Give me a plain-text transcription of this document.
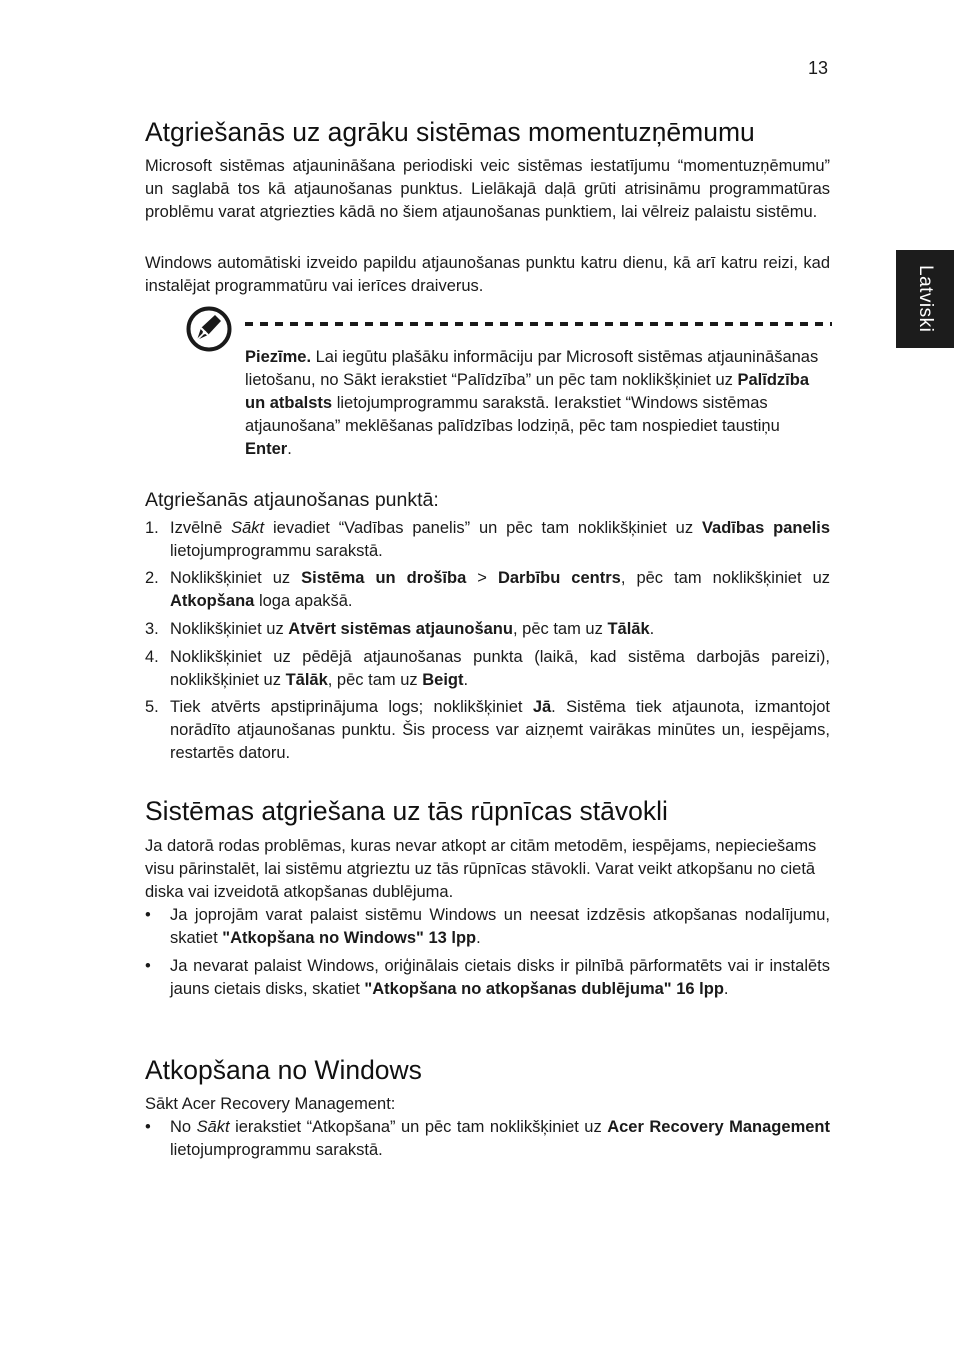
13
Latviski
Atgriešanās uz agrāku sistēmas momentuzņēmumu

Microsoft sistēmas atjaunināšana periodiski veic sistēmas iestatījumu “momentuzņēmumu” un saglabā tos kā atjaunošanas punktus. Lielākajā daļā grūti atrisināmu programmatūras problēmu varat atgriezties kādā no šiem atjaunošanas punktiem, lai vēlreiz palaistu sistēmu.

Windows automātiski izveido papildu atjaunošanas punktu katru dienu, kā arī katru reizi, kad instalējat programmatūru vai ierīces draiverus.

Piezīme. Lai iegūtu plašāku informāciju par Microsoft sistēmas atjaunināšanas lietošanu, no Sākt ierakstiet “Palīdzība” un pēc tam noklikšķiniet uz Palīdzība un atbalsts lietojumprogrammu sarakstā. Ierakstiet “Windows sistēmas atjaunošana” meklēšanas palīdzības lodziņā, pēc tam nospiediet taustiņu Enter.

Atgriešanās atjaunošanas punktā:

1. Izvēlnē Sākt ievadiet “Vadības panelis” un pēc tam noklikšķiniet uz Vadības panelis lietojumprogrammu sarakstā.
2. Noklikšķiniet uz Sistēma un drošība > Darbību centrs, pēc tam noklikšķiniet uz Atkopšana loga apakšā.
3. Noklikšķiniet uz Atvērt sistēmas atjaunošanu, pēc tam uz Tālāk.
4. Noklikšķiniet uz pēdējā atjaunošanas punkta (laikā, kad sistēma darbojās pareizi), noklikšķiniet uz Tālāk, pēc tam uz Beigt.
5. Tiek atvērts apstiprinājuma logs; noklikšķiniet Jā. Sistēma tiek atjaunota, izmantojot norādīto atjaunošanas punktu. Šis process var aizņemt vairākas minūtes un, iespējams, restartēs datoru.
Sistēmas atgriešana uz tās rūpnīcas stāvokli

Ja datorā rodas problēmas, kuras nevar atkopt ar citām metodēm, iespējams, nepieciešams visu pārinstalēt, lai sistēmu atgrieztu uz tās rūpnīcas stāvokli. Varat veikt atkopšanu no cietā diska vai izveidotā atkopšanas dublējuma.

• Ja joprojām varat palaist sistēmu Windows un neesat izdzēsis atkopšanas nodalījumu, skatiet "Atkopšana no Windows" 13 lpp.
• Ja nevarat palaist Windows, oriģinālais cietais disks ir pilnībā pārformatēts vai ir instalēts jauns cietais disks, skatiet "Atkopšana no atkopšanas dublējuma" 16 lpp.
Atkopšana no Windows

Sākt Acer Recovery Management:

• No Sākt ierakstiet “Atkopšana” un pēc tam noklikšķiniet uz Acer Recovery Management lietojumprogrammu sarakstā.
